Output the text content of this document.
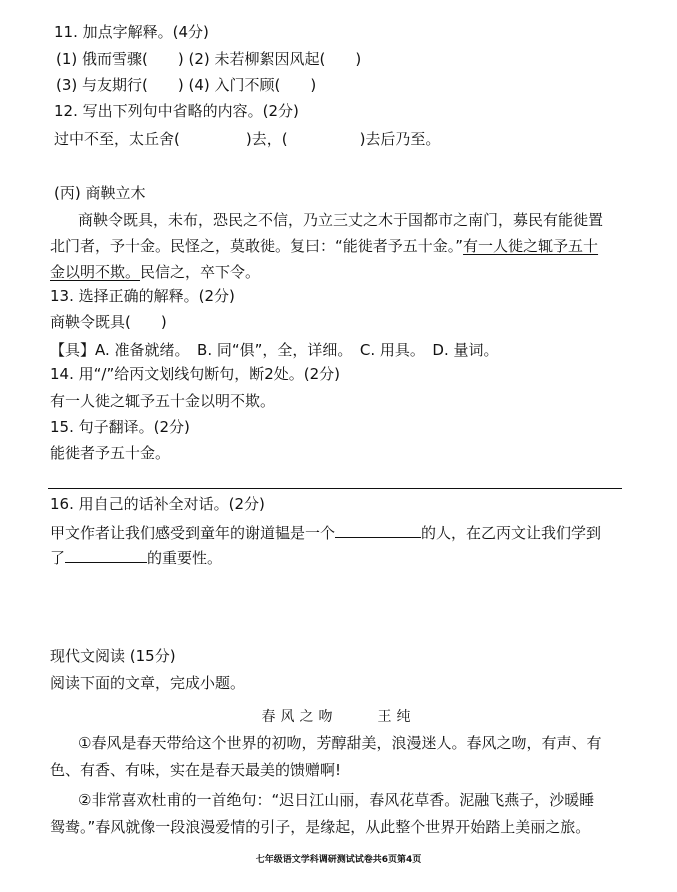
11. 加点字解释。(4分)
(1) 俄而雪骤(　　) (2) 未若柳絮因风起(　　)
(3) 与友期行(　　) (4) 入门不顾(　　)
12. 写出下列句中省略的内容。(2分)
过中不至，太丘舍(	)去，(	)去后乃至。
(丙) 商鞅立木
商鞅令既具，未布，恐民之不信，乃立三丈之木于国都市之南门，募民有能徙置
北门者，予十金。民怪之，莫敢徙。复曰：“能徙者予五十金。”有一人徙之辄予五十
金以明不欺。民信之，卒下令。
13. 选择正确的解释。(2分)
商鞅令既具(　　)
【具】A. 准备就绪。　B. 同“俱”，全，详细。　C. 用具。　D. 量词。
14. 用“/”给丙文划线句断句，断2处。(2分)
有一人徙之辄予五十金以明不欺。
15. 句子翻译。(2分)
能徙者予五十金。
16. 用自己的话补全对话。(2分)
甲文作者让我们感受到童年的谢道韫是一个	的人，在乙丙文让我们学到
了	的重要性。
现代文阅读 (15分)
阅读下面的文章，完成小题。
春风之吻	王纯
①春风是春天带给这个世界的初吻，芳醇甜美，浪漫迷人。春风之吻，有声、有
色、有香、有味，实在是春天最美的馈赠啊!
②非常喜欢杜甫的一首绝句：“迟日江山丽，春风花草香。泥融飞燕子，沙暖睡
鸳鸯。”春风就像一段浪漫爱情的引子，是缘起，从此整个世界开始踏上美丽之旅。
七年级语文学科调研测试试卷共6页第4页
